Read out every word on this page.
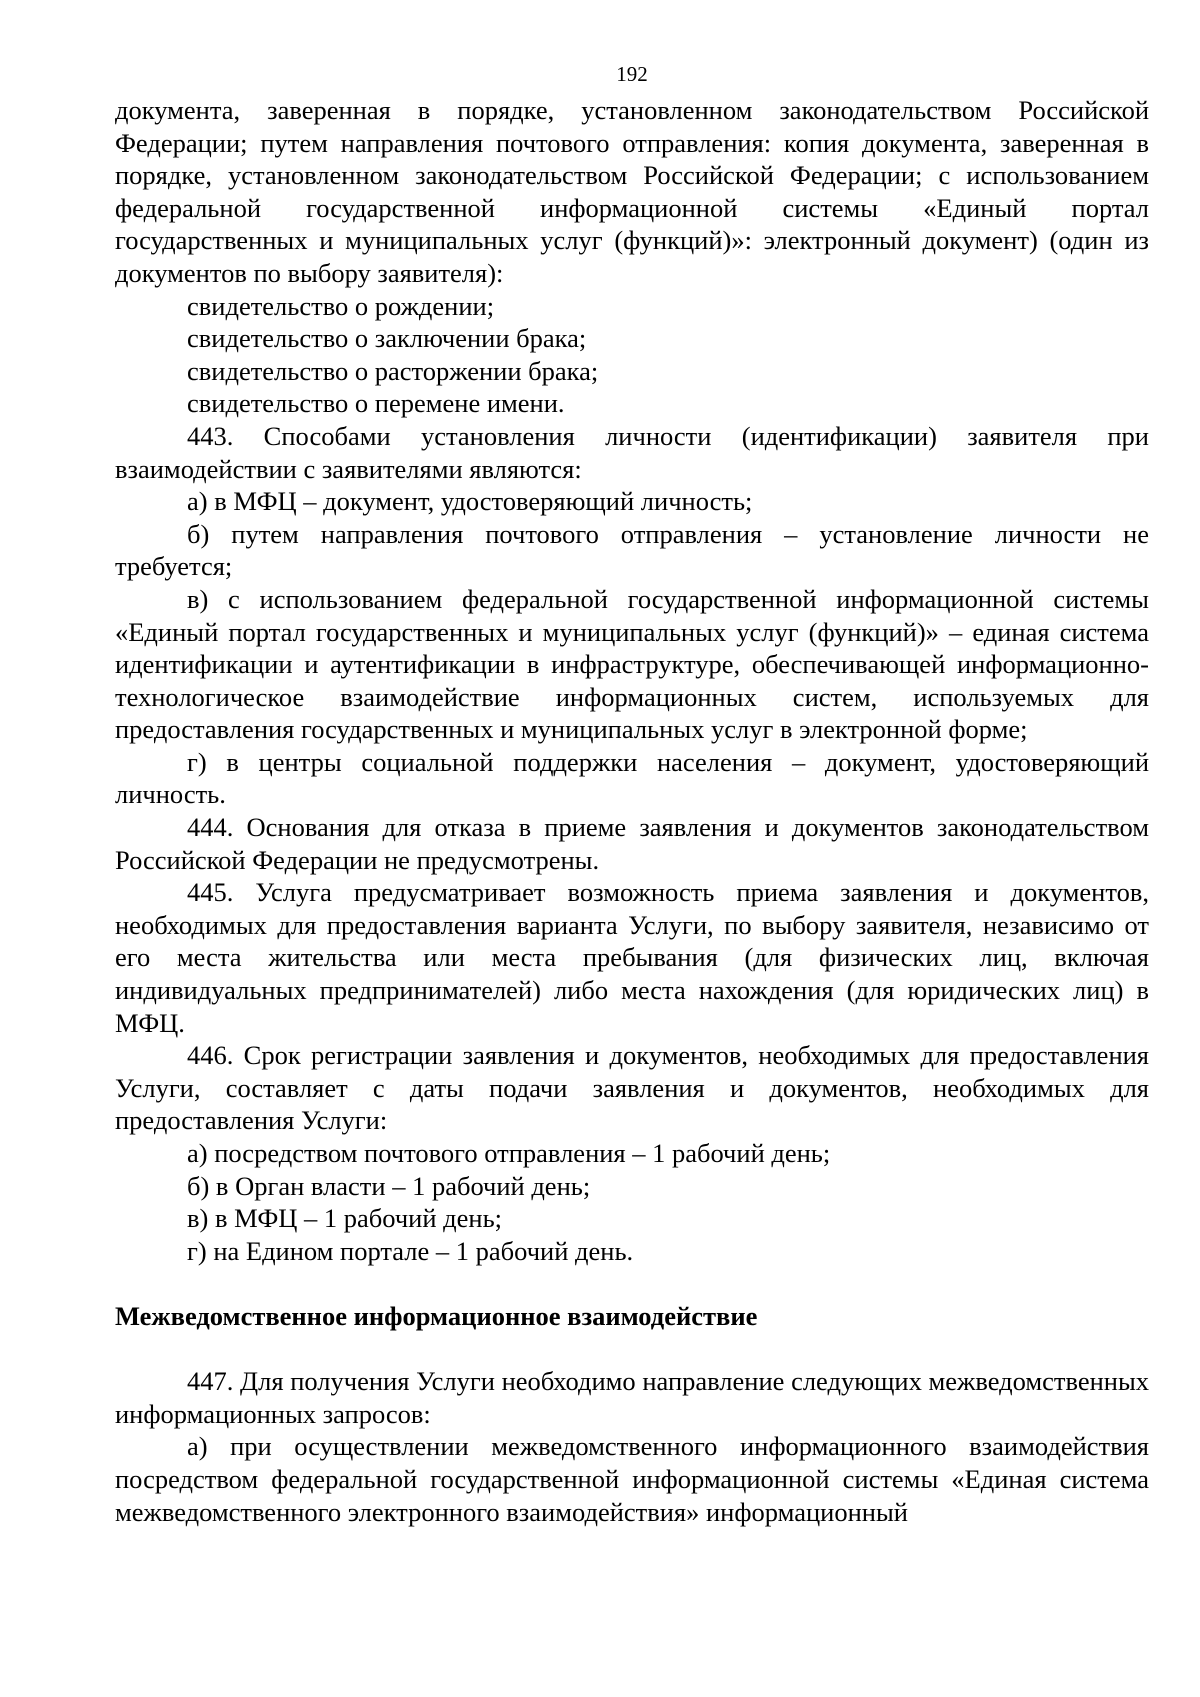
192

документа, заверенная в порядке, установленном законодательством Российской Федерации; путем направления почтового отправления: копия документа, заверенная в порядке, установленном законодательством Российской Федерации; с использованием федеральной государственной информационной системы «Единый портал государственных и муниципальных услуг (функций)»: электронный документ) (один из документов по выбору заявителя):

свидетельство о рождении;

свидетельство о заключении брака;

свидетельство о расторжении брака;

свидетельство о перемене имени.

443. Способами установления личности (идентификации) заявителя при взаимодействии с заявителями являются:

а) в МФЦ – документ, удостоверяющий личность;

б) путем направления почтового отправления – установление личности не требуется;

в) с использованием федеральной государственной информационной системы «Единый портал государственных и муниципальных услуг (функций)» – единая система идентификации и аутентификации в инфраструктуре, обеспечивающей информационно-технологическое взаимодействие информационных систем, используемых для предоставления государственных и муниципальных услуг в электронной форме;

г) в центры социальной поддержки населения – документ, удостоверяющий личность.

444. Основания для отказа в приеме заявления и документов законодательством Российской Федерации не предусмотрены.

445. Услуга предусматривает возможность приема заявления и документов, необходимых для предоставления варианта Услуги, по выбору заявителя, независимо от его места жительства или места пребывания (для физических лиц, включая индивидуальных предпринимателей) либо места нахождения (для юридических лиц) в МФЦ.

446. Срок регистрации заявления и документов, необходимых для предоставления Услуги, составляет с даты подачи заявления и документов, необходимых для предоставления Услуги:

а) посредством почтового отправления – 1 рабочий день;

б) в Орган власти – 1 рабочий день;

в) в МФЦ – 1 рабочий день;

г) на Едином портале – 1 рабочий день.

Межведомственное информационное взаимодействие

447. Для получения Услуги необходимо направление следующих межведомственных информационных запросов:

а) при осуществлении межведомственного информационного взаимодействия посредством федеральной государственной информационной системы «Единая система межведомственного электронного взаимодействия» информационный
